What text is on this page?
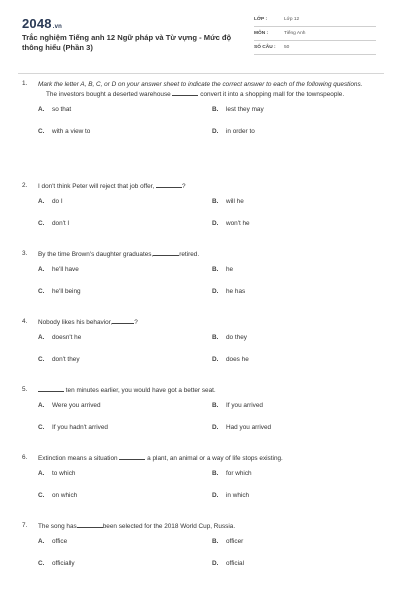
2048.vn
Trắc nghiệm Tiếng anh 12 Ngữ pháp và Từ vựng - Mức độ thông hiểu (Phần 3)
LỚP :	Lớp 12
MÔN :	Tiếng Anh
SỐ CÂU : 50
1. Mark the letter A, B, C, or D on your answer sheet to indicate the correct answer to each of the following questions.
The investors bought a deserted warehouse	convert it into a shopping mall for the townspeople.
A. so that	B. lest they may
C. with a view to	D. in order to
2. I don't think Peter will reject that job offer,	?
A. do I	B. will he
C. don't I	D. won't he
3. By the time Brown's daughter graduates,	retired.
A. he'll have	B. he
C. he'll being	D. he has
4. Nobody likes his behavior,	?
A. doesn't he	B. do they
C. don't they	D. does he
5.	ten minutes earlier, you would have got a better seat.
A. Were you arrived	B. If you arrived
C. If you hadn't arrived	D. Had you arrived
6. Extinction means a situation	a plant, an animal or a way of life stops existing.
A. to which	B. for which
C. on which	D. in which
7. The song has	been selected for the 2018 World Cup, Russia.
A. office	B. officer
C. officially	D. official
